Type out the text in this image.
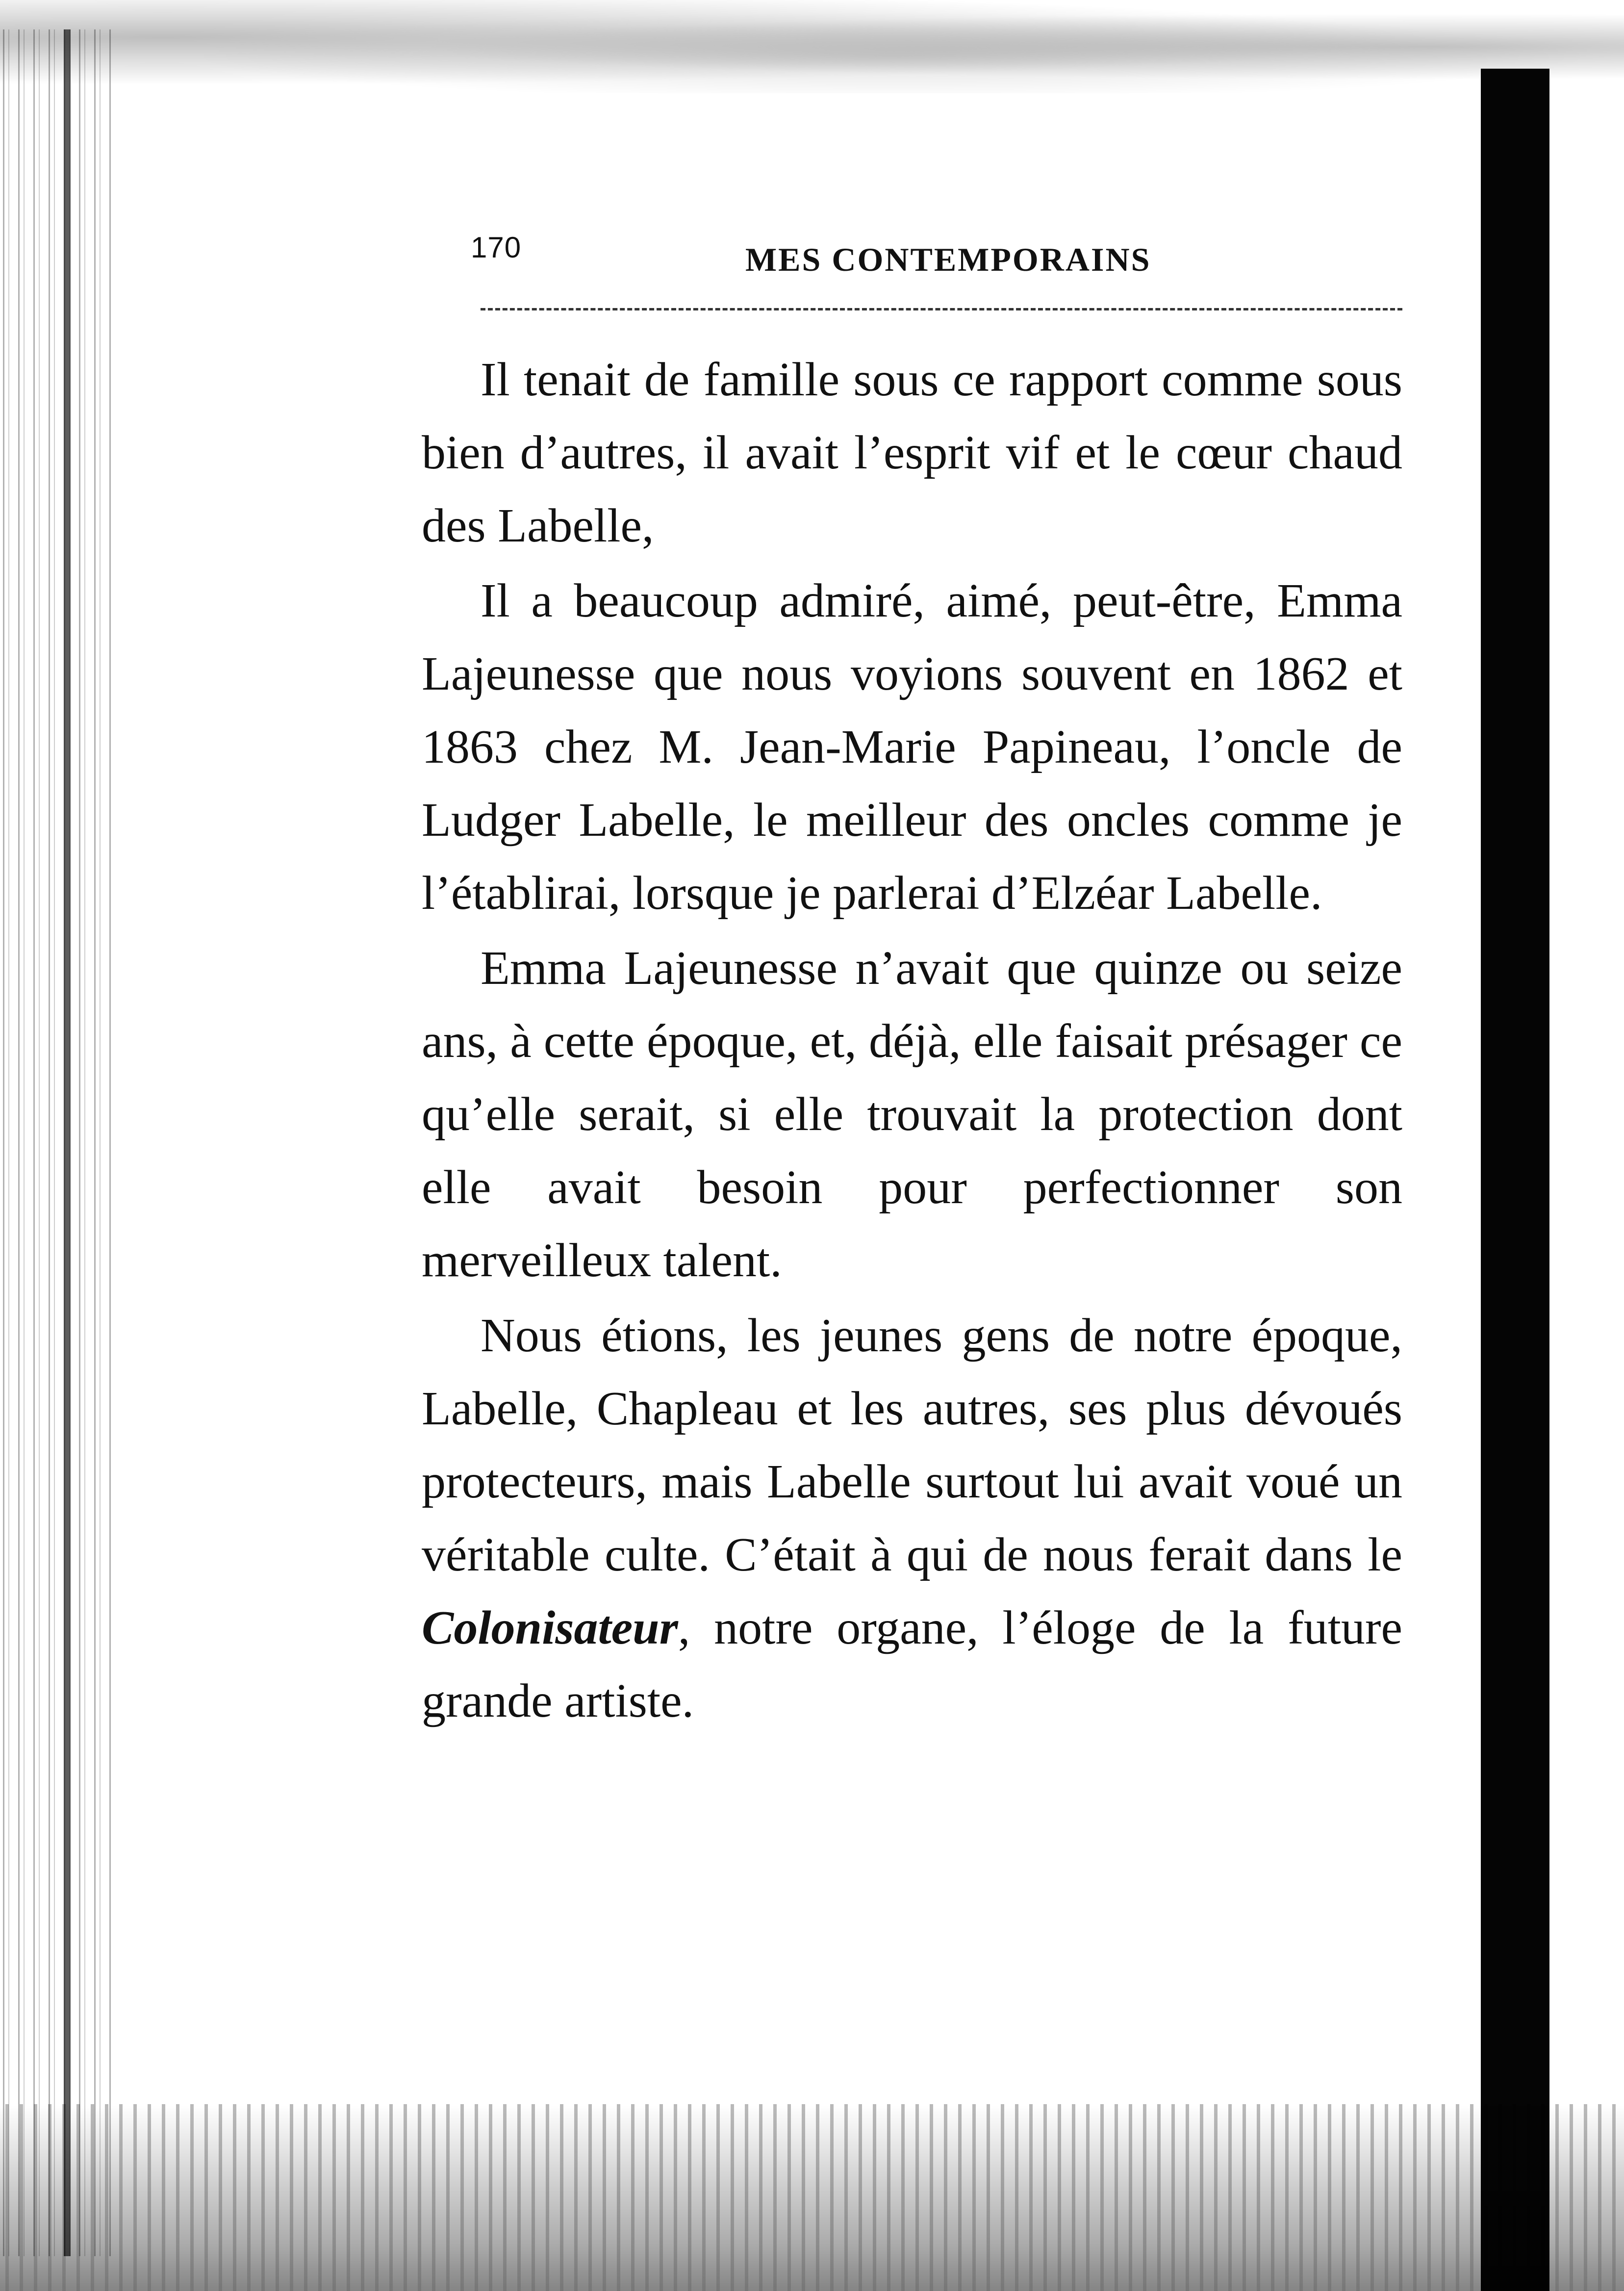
170	MES CONTEMPORAINS

Il tenait de famille sous ce rapport comme sous bien d’autres, il avait l’esprit vif et le cœur chaud des Labelle,

Il a beaucoup admiré, aimé, peut-être, Emma Lajeunesse que nous voyions souvent en 1862 et 1863 chez M. Jean-Marie Papineau, l’oncle de Ludger Labelle, le meilleur des oncles comme je l’établirai, lorsque je parlerai d’Elzéar Labelle.

Emma Lajeunesse n’avait que quinze ou seize ans, à cette époque, et, déjà, elle faisait présager ce qu’elle serait, si elle trouvait la protection dont elle avait besoin pour perfectionner son merveilleux talent.

Nous étions, les jeunes gens de notre époque, Labelle, Chapleau et les autres, ses plus dévoués protecteurs, mais Labelle surtout lui avait voué un véritable culte. C’était à qui de nous ferait dans le Colonisateur, notre organe, l’éloge de la future grande artiste.
